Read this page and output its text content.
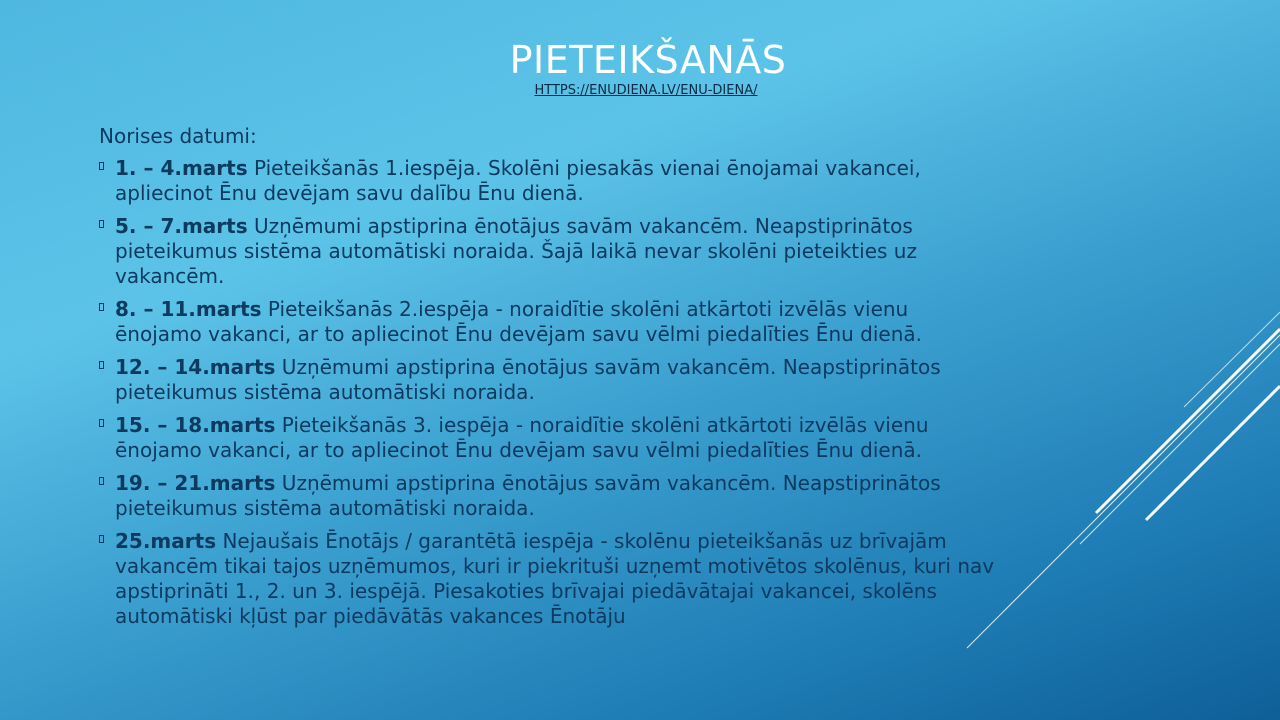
PIETEIKŠANĀS
HTTPS://ENUDIENA.LV/ENU-DIENA/

Norises datumi:

1. – 4.marts Pieteikšanās 1.iespēja. Skolēni piesakās vienai ēnojamai vakancei, apliecinot Ēnu devējam savu dalību Ēnu dienā.
5. – 7.marts Uzņēmumi apstiprina ēnotājus savām vakancēm. Neapstiprinātos pieteikumus sistēma automātiski noraida. Šajā laikā nevar skolēni pieteikties uz vakancēm.
8. – 11.marts Pieteikšanās 2.iespēja - noraidītie skolēni atkārtoti izvēlās vienu ēnojamo vakanci, ar to apliecinot Ēnu devējam savu vēlmi piedalīties Ēnu dienā.
12. – 14.marts Uzņēmumi apstiprina ēnotājus savām vakancēm. Neapstiprinātos pieteikumus sistēma automātiski noraida.
15. – 18.marts Pieteikšanās 3. iespēja - noraidītie skolēni atkārtoti izvēlās vienu ēnojamo vakanci, ar to apliecinot Ēnu devējam savu vēlmi piedalīties Ēnu dienā.
19. – 21.marts Uzņēmumi apstiprina ēnotājus savām vakancēm. Neapstiprinātos pieteikumus sistēma automātiski noraida.
25.marts Nejaušais Ēnotājs / garantētā iespēja - skolēnu pieteikšanās uz brīvajām vakancēm tikai tajos uzņēmumos, kuri ir piekrituši uzņemt motivētos skolēnus, kuri nav apstiprināti 1., 2. un 3. iespējā. Piesakoties brīvajai piedāvātajai vakancei, skolēns automātiski kļūst par piedāvātās vakances Ēnotāju
